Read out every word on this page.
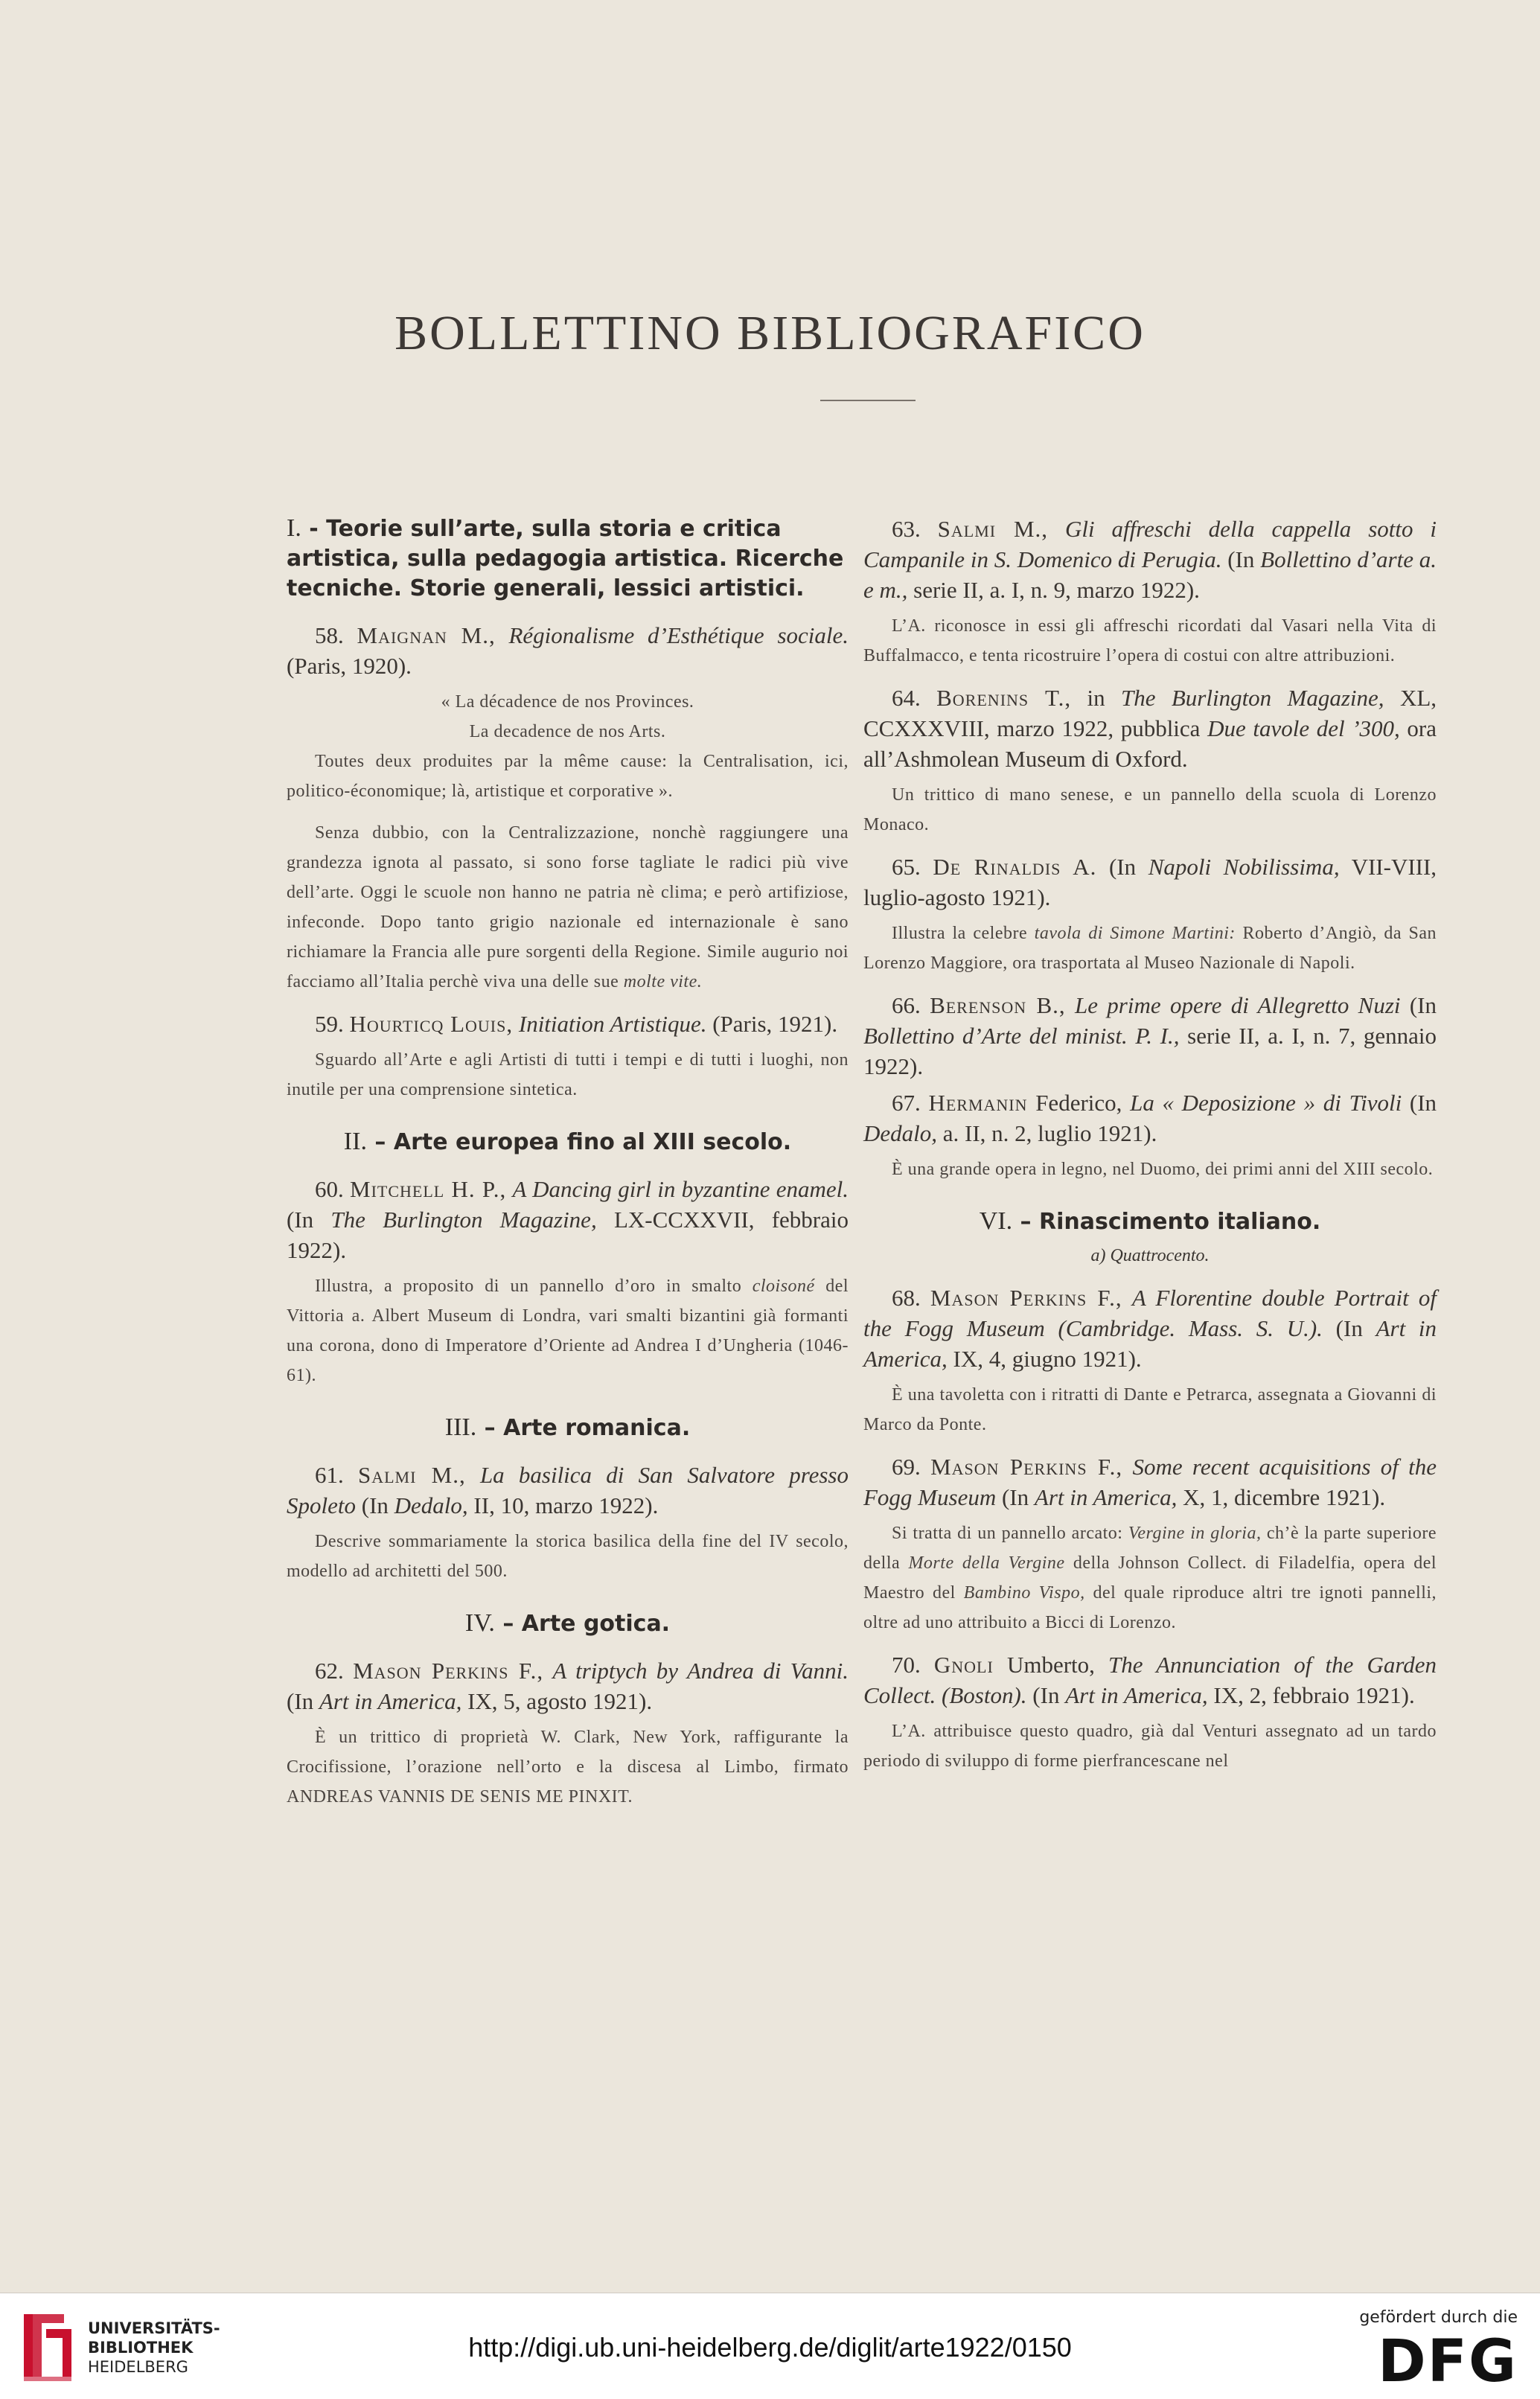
BOLLETTINO BIBLIOGRAFICO
I. - Teorie sull’arte, sulla storia e critica artistica, sulla pedagogia artistica. Ricerche tecniche. Storie generali, lessici artistici.

58. Maignan M., Régionalisme d’Esthétique sociale. (Paris, 1920).

« La décadence de nos Provinces.

La decadence de nos Arts.

Toutes deux produites par la même cause: la Centralisation, ici, politico-économique; là, artistique et corporative ».

Senza dubbio, con la Centralizzazione, nonchè raggiungere una grandezza ignota al passato, si sono forse tagliate le radici più vive dell’arte. Oggi le scuole non hanno ne patria nè clima; e però artifiziose, infeconde. Dopo tanto grigio nazionale ed internazionale è sano richiamare la Francia alle pure sorgenti della Regione. Simile augurio noi facciamo all’Italia perchè viva una delle sue molte vite.

59. Hourticq Louis, Initiation Artistique. (Paris, 1921).

Sguardo all’Arte e agli Artisti di tutti i tempi e di tutti i luoghi, non inutile per una comprensione sintetica.

II. – Arte europea fino al XIII secolo.

60. Mitchell H. P., A Dancing girl in byzantine enamel. (In The Burlington Magazine, LX-CCXXVII, febbraio 1922).

Illustra, a proposito di un pannello d’oro in smalto cloisoné del Vittoria a. Albert Museum di Londra, vari smalti bizantini già formanti una corona, dono di Imperatore d’Oriente ad Andrea I d’Ungheria (1046-61).

III. – Arte romanica.

61. Salmi M., La basilica di San Salvatore presso Spoleto (In Dedalo, II, 10, marzo 1922).

Descrive sommariamente la storica basilica della fine del IV secolo, modello ad architetti del 500.

IV. – Arte gotica.

62. Mason Perkins F., A triptych by Andrea di Vanni. (In Art in America, IX, 5, agosto 1921).

È un trittico di proprietà W. Clark, New York, raffigurante la Crocifissione, l’orazione nell’orto e la discesa al Limbo, firmato ANDREAS VANNIS DE SENIS ME PINXIT.

63. Salmi M., Gli affreschi della cappella sotto i Campanile in S. Domenico di Perugia. (In Bollettino d’arte a. e m., serie II, a. I, n. 9, marzo 1922).

L’A. riconosce in essi gli affreschi ricordati dal Vasari nella Vita di Buffalmacco, e tenta ricostruire l’opera di costui con altre attribuzioni.

64. Borenins T., in The Burlington Magazine, XL, CCXXXVIII, marzo 1922, pubblica Due tavole del ’300, ora all’Ashmolean Museum di Oxford.

Un trittico di mano senese, e un pannello della scuola di Lorenzo Monaco.

65. De Rinaldis A. (In Napoli Nobilissima, VII-VIII, luglio-agosto 1921).

Illustra la celebre tavola di Simone Martini: Roberto d’Angiò, da San Lorenzo Maggiore, ora trasportata al Museo Nazionale di Napoli.

66. Berenson B., Le prime opere di Allegretto Nuzi (In Bollettino d’Arte del minist. P. I., serie II, a. I, n. 7, gennaio 1922).

67. Hermanin Federico, La « Deposizione » di Tivoli (In Dedalo, a. II, n. 2, luglio 1921).

È una grande opera in legno, nel Duomo, dei primi anni del XIII secolo.

VI. – Rinascimento italiano.
a) Quattrocento.

68. Mason Perkins F., A Florentine double Portrait of the Fogg Museum (Cambridge. Mass. S. U.). (In Art in America, IX, 4, giugno 1921).

È una tavoletta con i ritratti di Dante e Petrarca, assegnata a Giovanni di Marco da Ponte.

69. Mason Perkins F., Some recent acquisitions of the Fogg Museum (In Art in America, X, 1, dicembre 1921).

Si tratta di un pannello arcato: Vergine in gloria, ch’è la parte superiore della Morte della Vergine della Johnson Collect. di Filadelfia, opera del Maestro del Bambino Vispo, del quale riproduce altri tre ignoti pannelli, oltre ad uno attribuito a Bicci di Lorenzo.

70. Gnoli Umberto, The Annunciation of the Garden Collect. (Boston). (In Art in America, IX, 2, febbraio 1921).

L’A. attribuisce questo quadro, già dal Venturi assegnato ad un tardo periodo di sviluppo di forme pierfrancescane nel

UNIVERSITÄTS-
BIBLIOTHEK
HEIDELBERG
http://digi.ub.uni-heidelberg.de/diglit/arte1922/0150
gefördert durch die
DFG
